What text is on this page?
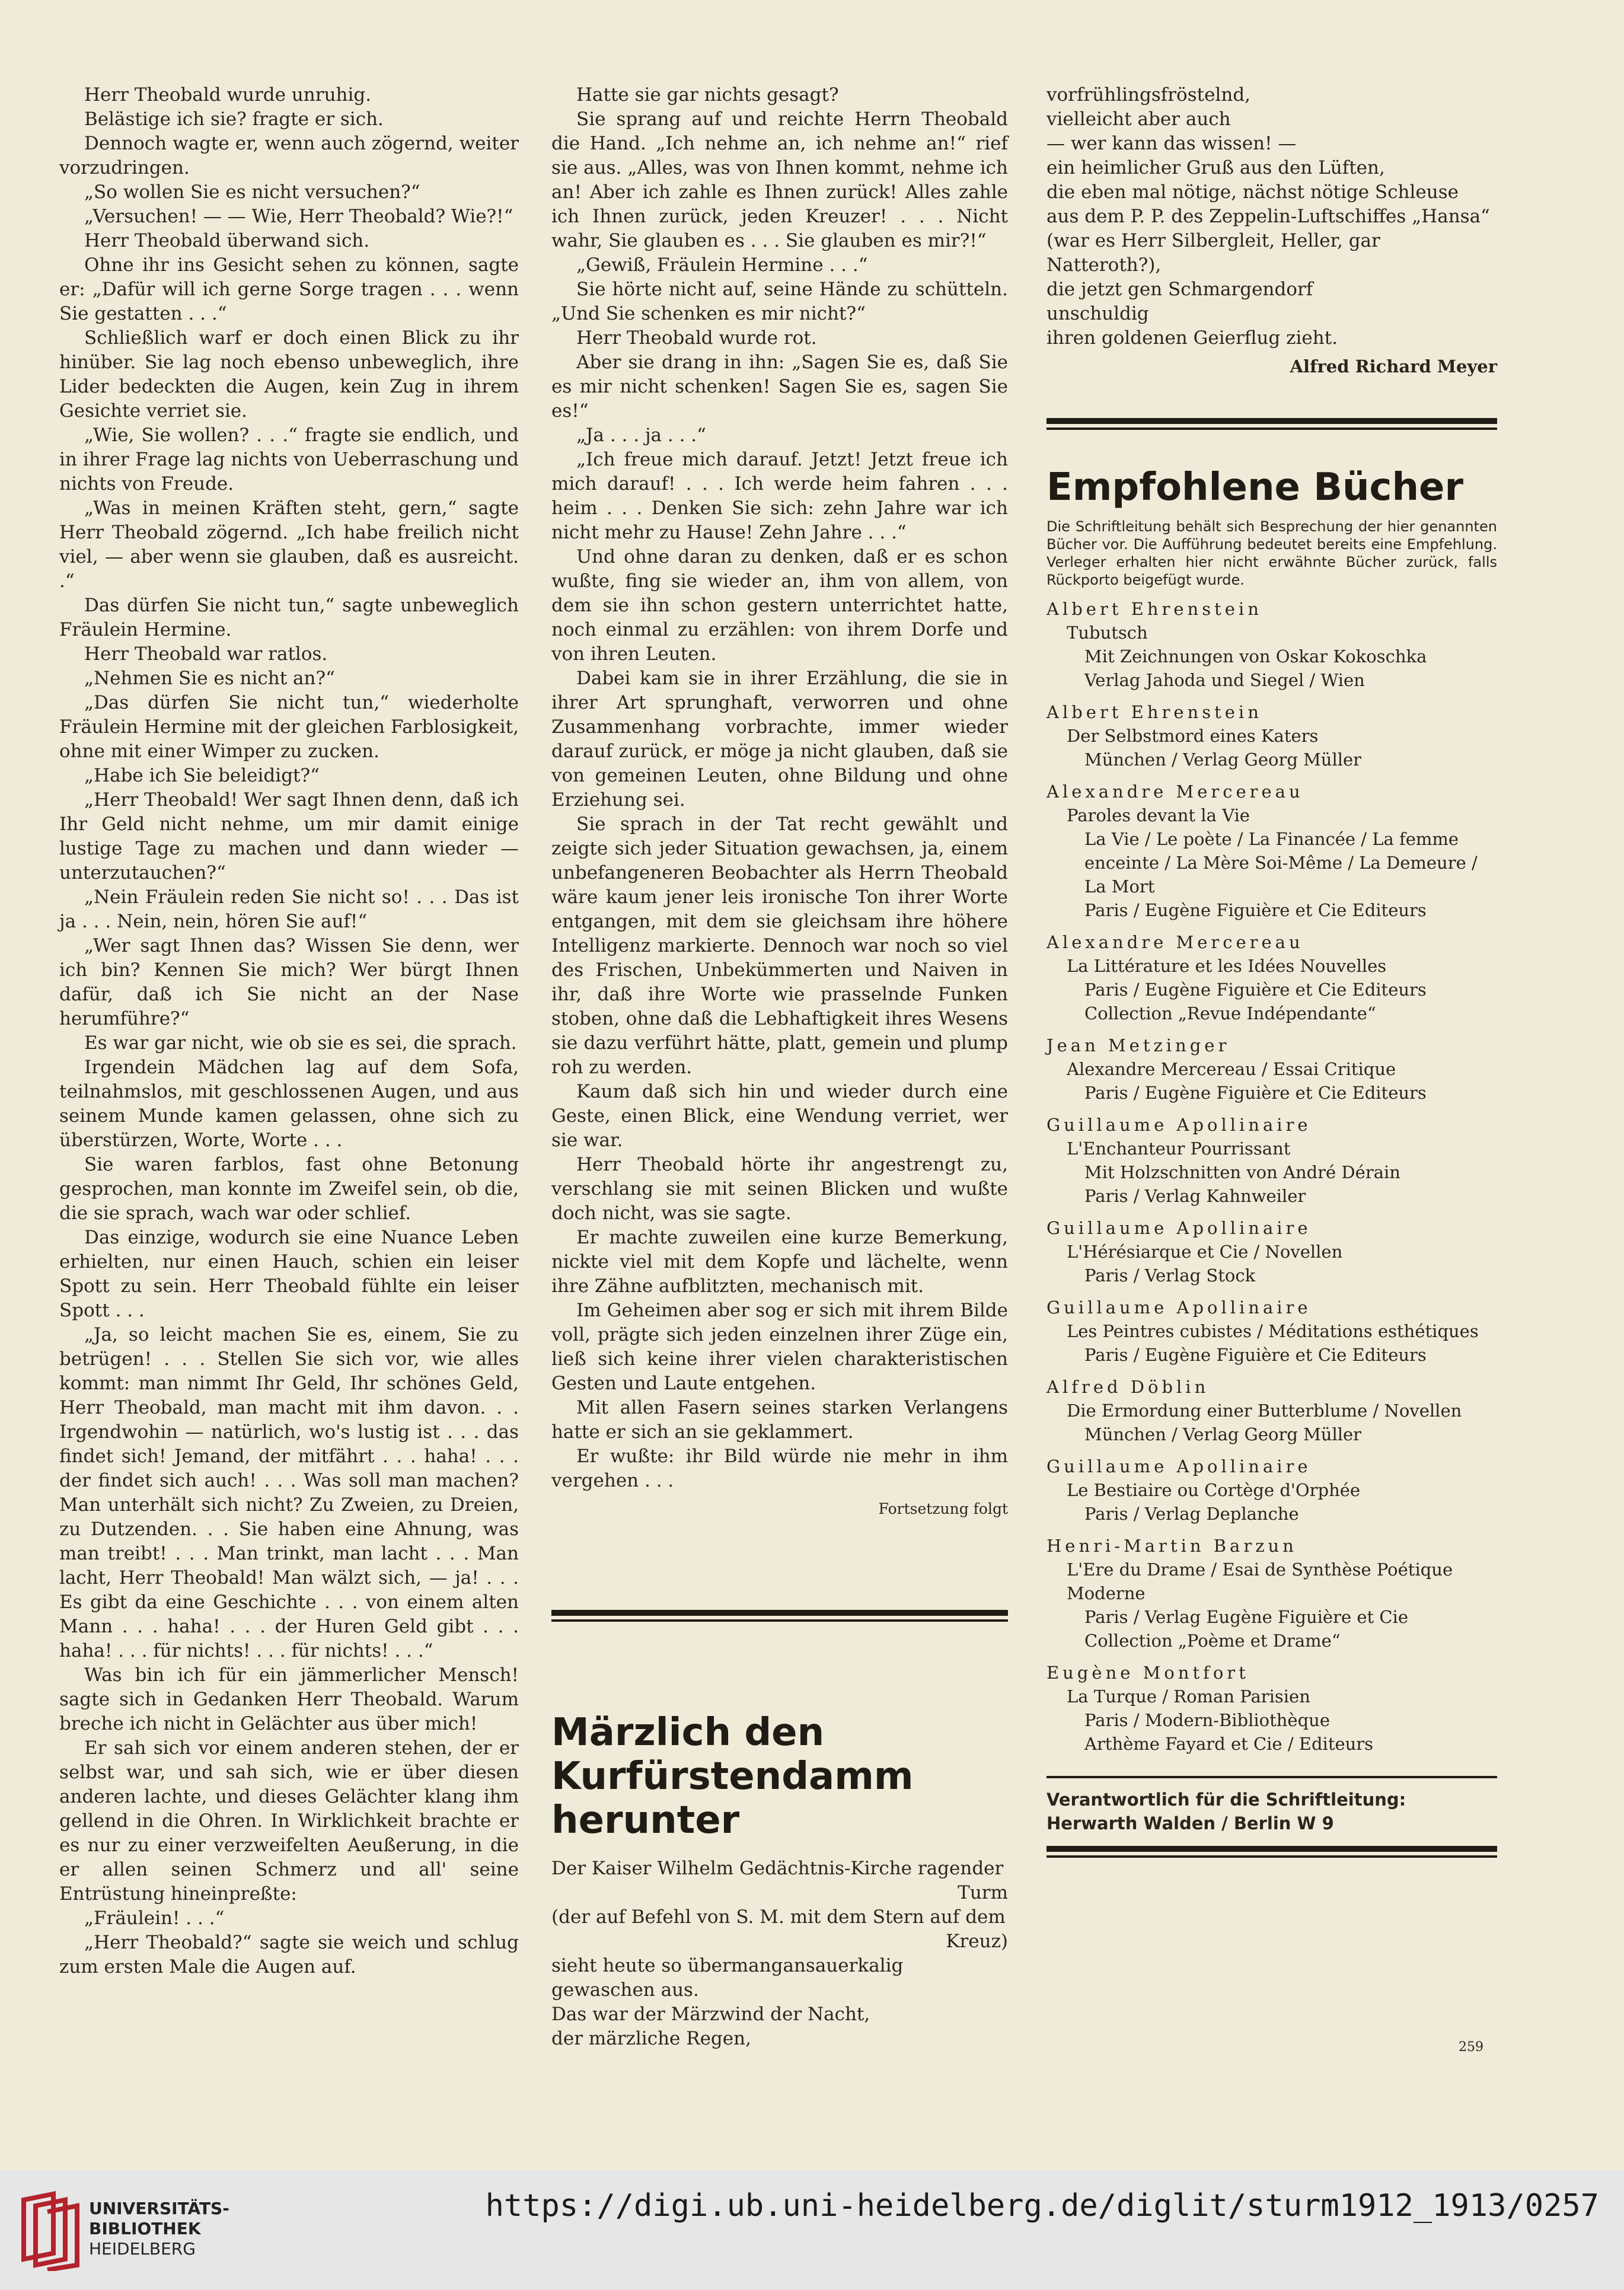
Herr Theobald wurde unruhig.

Belästige ich sie? fragte er sich.

Dennoch wagte er, wenn auch zögernd, weiter vorzudringen.

„So wollen Sie es nicht versuchen?“

„Versuchen! — — Wie, Herr Theobald? Wie?!“

Herr Theobald überwand sich.

Ohne ihr ins Gesicht sehen zu können, sagte er: „Dafür will ich gerne Sorge tragen . . . wenn Sie gestatten . . .“

Schließlich warf er doch einen Blick zu ihr hinüber. Sie lag noch ebenso unbeweglich, ihre Lider bedeckten die Augen, kein Zug in ihrem Gesichte verriet sie.

„Wie, Sie wollen? . . .“ fragte sie endlich, und in ihrer Frage lag nichts von Ueberraschung und nichts von Freude.

„Was in meinen Kräften steht, gern,“ sagte Herr Theobald zögernd. „Ich habe freilich nicht viel, — aber wenn sie glauben, daß es ausreicht. .“

Das dürfen Sie nicht tun,“ sagte unbeweglich Fräulein Hermine.

Herr Theobald war ratlos.

„Nehmen Sie es nicht an?“

„Das dürfen Sie nicht tun,“ wiederholte Fräulein Hermine mit der gleichen Farblosigkeit, ohne mit einer Wimper zu zucken.

„Habe ich Sie beleidigt?“

„Herr Theobald! Wer sagt Ihnen denn, daß ich Ihr Geld nicht nehme, um mir damit einige lustige Tage zu machen und dann wieder — unterzutauchen?“

„Nein Fräulein reden Sie nicht so! . . . Das ist ja . . . Nein, nein, hören Sie auf!“

„Wer sagt Ihnen das? Wissen Sie denn, wer ich bin? Kennen Sie mich? Wer bürgt Ihnen dafür, daß ich Sie nicht an der Nase herumführe?“

Es war gar nicht, wie ob sie es sei, die sprach.

Irgendein Mädchen lag auf dem Sofa, teilnahmslos, mit geschlossenen Augen, und aus seinem Munde kamen gelassen, ohne sich zu überstürzen, Worte, Worte . . .

Sie waren farblos, fast ohne Betonung gesprochen, man konnte im Zweifel sein, ob die, die sie sprach, wach war oder schlief.

Das einzige, wodurch sie eine Nuance Leben erhielten, nur einen Hauch, schien ein leiser Spott zu sein. Herr Theobald fühlte ein leiser Spott . . .

„Ja, so leicht machen Sie es, einem, Sie zu betrügen! . . . Stellen Sie sich vor, wie alles kommt: man nimmt Ihr Geld, Ihr schönes Geld, Herr Theobald, man macht mit ihm davon. . . Irgendwohin — natürlich, wo's lustig ist . . . das findet sich! Jemand, der mitfährt . . . haha! . . . der findet sich auch! . . . Was soll man machen? Man unterhält sich nicht? Zu Zweien, zu Dreien, zu Dutzenden. . . Sie haben eine Ahnung, was man treibt! . . . Man trinkt, man lacht . . . Man lacht, Herr Theobald! Man wälzt sich, — ja! . . . Es gibt da eine Geschichte . . . von einem alten Mann . . . haha! . . . der Huren Geld gibt . . . haha! . . . für nichts! . . . für nichts! . . .“

Was bin ich für ein jämmerlicher Mensch! sagte sich in Gedanken Herr Theobald. Warum breche ich nicht in Gelächter aus über mich!

Er sah sich vor einem anderen stehen, der er selbst war, und sah sich, wie er über diesen anderen lachte, und dieses Gelächter klang ihm gellend in die Ohren. In Wirklichkeit brachte er es nur zu einer verzweifelten Aeußerung, in die er allen seinen Schmerz und all' seine Entrüstung hineinpreßte:

„Fräulein! . . .“

„Herr Theobald?“ sagte sie weich und schlug zum ersten Male die Augen auf.

Hatte sie gar nichts gesagt?

Sie sprang auf und reichte Herrn Theobald die Hand. „Ich nehme an, ich nehme an!“ rief sie aus. „Alles, was von Ihnen kommt, nehme ich an! Aber ich zahle es Ihnen zurück! Alles zahle ich Ihnen zurück, jeden Kreuzer! . . . Nicht wahr, Sie glauben es . . . Sie glauben es mir?!“

„Gewiß, Fräulein Hermine . . .“

Sie hörte nicht auf, seine Hände zu schütteln. „Und Sie schenken es mir nicht?“

Herr Theobald wurde rot.

Aber sie drang in ihn: „Sagen Sie es, daß Sie es mir nicht schenken! Sagen Sie es, sagen Sie es!“

„Ja . . . ja . . .“

„Ich freue mich darauf. Jetzt! Jetzt freue ich mich darauf! . . . Ich werde heim fahren . . . heim . . . Denken Sie sich: zehn Jahre war ich nicht mehr zu Hause! Zehn Jahre . . .“

Und ohne daran zu denken, daß er es schon wußte, fing sie wieder an, ihm von allem, von dem sie ihn schon gestern unterrichtet hatte, noch einmal zu erzählen: von ihrem Dorfe und von ihren Leuten.

Dabei kam sie in ihrer Erzählung, die sie in ihrer Art sprunghaft, verworren und ohne Zusammenhang vorbrachte, immer wieder darauf zurück, er möge ja nicht glauben, daß sie von gemeinen Leuten, ohne Bildung und ohne Erziehung sei.

Sie sprach in der Tat recht gewählt und zeigte sich jeder Situation gewachsen, ja, einem unbefangeneren Beobachter als Herrn Theobald wäre kaum jener leis ironische Ton ihrer Worte entgangen, mit dem sie gleichsam ihre höhere Intelligenz markierte. Dennoch war noch so viel des Frischen, Unbekümmerten und Naiven in ihr, daß ihre Worte wie prasselnde Funken stoben, ohne daß die Lebhaftigkeit ihres Wesens sie dazu verführt hätte, platt, gemein und plump roh zu werden.

Kaum daß sich hin und wieder durch eine Geste, einen Blick, eine Wendung verriet, wer sie war.

Herr Theobald hörte ihr angestrengt zu, verschlang sie mit seinen Blicken und wußte doch nicht, was sie sagte.

Er machte zuweilen eine kurze Bemerkung, nickte viel mit dem Kopfe und lächelte, wenn ihre Zähne aufblitzten, mechanisch mit.

Im Geheimen aber sog er sich mit ihrem Bilde voll, prägte sich jeden einzelnen ihrer Züge ein, ließ sich keine ihrer vielen charakteristischen Gesten und Laute entgehen.

Mit allen Fasern seines starken Verlangens hatte er sich an sie geklammert.

Er wußte: ihr Bild würde nie mehr in ihm vergehen . . .

Fortsetzung folgt
Märzlich den Kurfürstendamm herunter
Der Kaiser Wilhelm Gedächtnis-Kirche ragender
Turm
(der auf Befehl von S. M. mit dem Stern auf dem
Kreuz)
sieht heute so übermangansauerkalig
gewaschen aus.
Das war der Märzwind der Nacht,
der märzliche Regen,
vorfrühlingsfröstelnd,
vielleicht aber auch
— wer kann das wissen! —
ein heimlicher Gruß aus den Lüften,
die eben mal nötige, nächst nötige Schleuse
aus dem P. P. des Zeppelin-Luftschiffes „Hansa“
(war es Herr Silbergleit, Heller, gar Natteroth?),
die jetzt gen Schmargendorf
unschuldig
ihren goldenen Geierflug zieht.
Alfred Richard Meyer
Empfohlene Bücher
Die Schriftleitung behält sich Besprechung der hier genannten Bücher vor. Die Aufführung bedeutet bereits eine Empfehlung. Verleger erhalten hier nicht erwähnte Bücher zurück, falls Rückporto beigefügt wurde.
Albert Ehrenstein
Tubutsch
Mit Zeichnungen von Oskar Kokoschka
Verlag Jahoda und Siegel / Wien
Albert Ehrenstein
Der Selbstmord eines Katers
München / Verlag Georg Müller
Alexandre Mercereau
Paroles devant la Vie
La Vie / Le poète / La Financée / La femme enceinte / La Mère Soi-Même / La Demeure / La Mort
Paris / Eugène Figuière et Cie Editeurs
Alexandre Mercereau
La Littérature et les Idées Nouvelles
Paris / Eugène Figuière et Cie Editeurs
Collection „Revue Indépendante“
Jean Metzinger
Alexandre Mercereau / Essai Critique
Paris / Eugène Figuière et Cie Editeurs
Guillaume Apollinaire
L'Enchanteur Pourrissant
Mit Holzschnitten von André Dérain
Paris / Verlag Kahnweiler
Guillaume Apollinaire
L'Hérésiarque et Cie / Novellen
Paris / Verlag Stock
Guillaume Apollinaire
Les Peintres cubistes / Méditations esthétiques
Paris / Eugène Figuière et Cie Editeurs
Alfred Döblin
Die Ermordung einer Butterblume / Novellen
München / Verlag Georg Müller
Guillaume Apollinaire
Le Bestiaire ou Cortège d'Orphée
Paris / Verlag Deplanche
Henri-Martin Barzun
L'Ere du Drame / Esai de Synthèse Poétique Moderne
Paris / Verlag Eugène Figuière et Cie
Collection „Poème et Drame“
Eugène Montfort
La Turque / Roman Parisien
Paris / Modern-Bibliothèque
Arthème Fayard et Cie / Editeurs
Verantwortlich für die Schriftleitung:
Herwarth Walden / Berlin W 9
259
UNIVERSITÄTS-
BIBLIOTHEK
HEIDELBERG
https://digi.ub.uni-heidelberg.de/diglit/sturm1912_1913/0257
